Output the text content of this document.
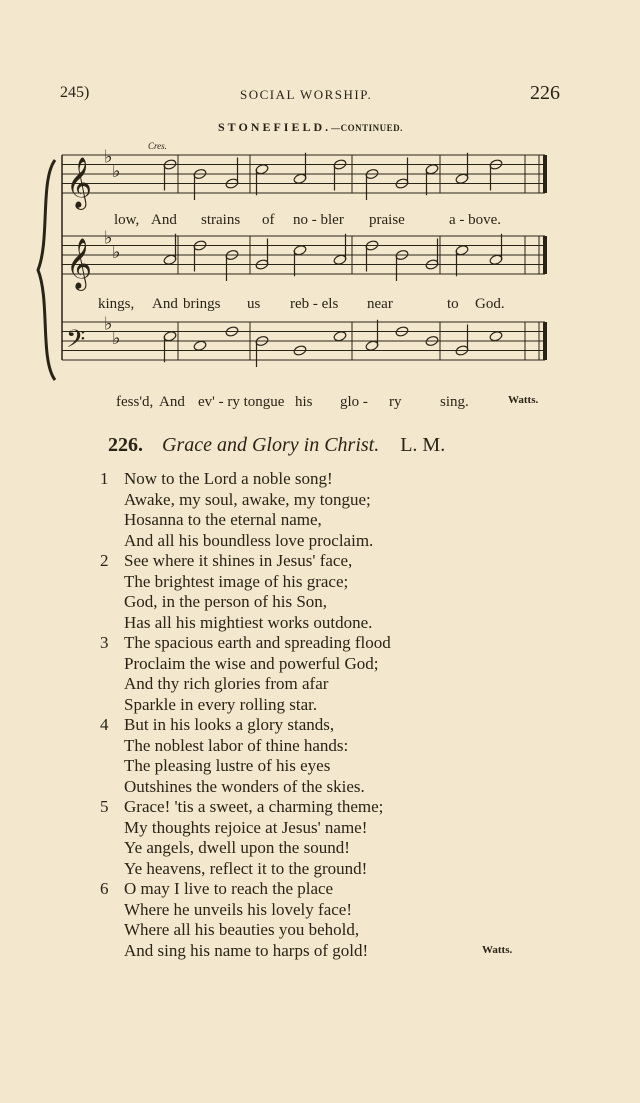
245)	SOCIAL WORSHIP.	226
STONEFIELD.—CONTINUED.
Cres.
𝄞 ♭
♭
𝄞 ♭
♭
𝄢
♭
♭
low, And strains of no - bler praise	a - bove.
kings, And brings us reb - els near	to God.
fess'd, And ev' - ry tongue his glo - ry	sing.	Watts.
226. Grace and Glory in Christ. L. M.
1 Now to the Lord a noble song!
Awake, my soul, awake, my tongue;
Hosanna to the eternal name,
And all his boundless love proclaim.
2 See where it shines in Jesus' face,
The brightest image of his grace;
God, in the person of his Son,
Has all his mightiest works outdone.
3 The spacious earth and spreading flood
Proclaim the wise and powerful God;
And thy rich glories from afar
Sparkle in every rolling star.
4 But in his looks a glory stands,
The noblest labor of thine hands:
The pleasing lustre of his eyes
Outshines the wonders of the skies.
5 Grace! 'tis a sweet, a charming theme;
My thoughts rejoice at Jesus' name!
Ye angels, dwell upon the sound!
Ye heavens, reflect it to the ground!
6 O may I live to reach the place
Where he unveils his lovely face!
Where all his beauties you behold,
And sing his name to harps of gold!	Watts.
